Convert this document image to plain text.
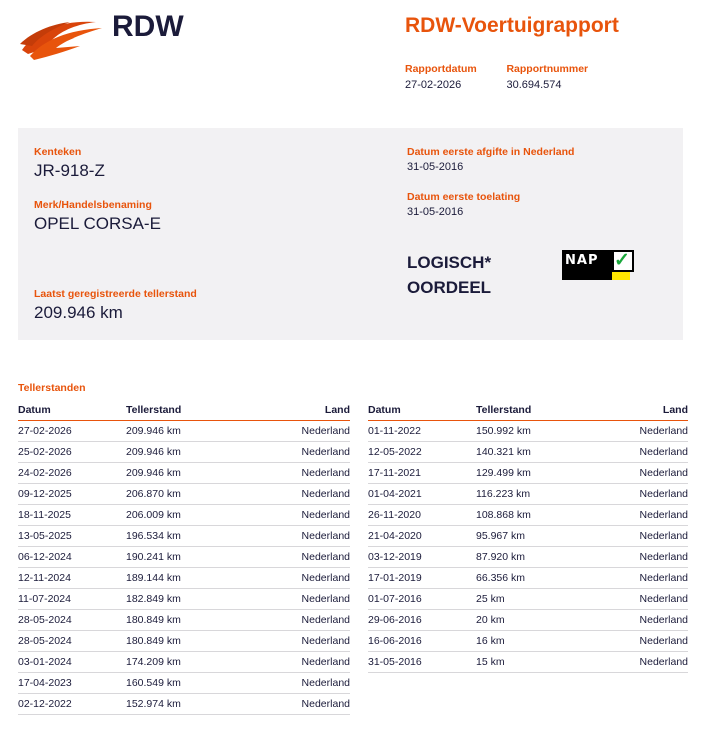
RDW	RDW-Voertuigrapport
Rapportdatum
27-02-2026

Rapportnummer
30.694.574
Kenteken
JR-918-Z
Merk/Handelsbenaming
OPEL CORSA-E
Laatst geregistreerde tellerstand
209.946 km
Datum eerste afgifte in Nederland
31-05-2016
Datum eerste toelating
31-05-2016
LOGISCH*
OORDEEL
NAP ✓
Tellerstanden
Datum	Tellerstand	Land
27-02-2026	209.946 km	Nederland
25-02-2026	209.946 km	Nederland
24-02-2026	209.946 km	Nederland
09-12-2025	206.870 km	Nederland
18-11-2025	206.009 km	Nederland
13-05-2025	196.534 km	Nederland
06-12-2024	190.241 km	Nederland
12-11-2024	189.144 km	Nederland
11-07-2024	182.849 km	Nederland
28-05-2024	180.849 km	Nederland
28-05-2024	180.849 km	Nederland
03-01-2024	174.209 km	Nederland
17-04-2023	160.549 km	Nederland
02-12-2022	152.974 km	Nederland
Datum	Tellerstand	Land
01-11-2022	150.992 km	Nederland
12-05-2022	140.321 km	Nederland
17-11-2021	129.499 km	Nederland
01-04-2021	116.223 km	Nederland
26-11-2020	108.868 km	Nederland
21-04-2020	95.967 km	Nederland
03-12-2019	87.920 km	Nederland
17-01-2019	66.356 km	Nederland
01-07-2016	25 km	Nederland
29-06-2016	20 km	Nederland
16-06-2016	16 km	Nederland
31-05-2016	15 km	Nederland
